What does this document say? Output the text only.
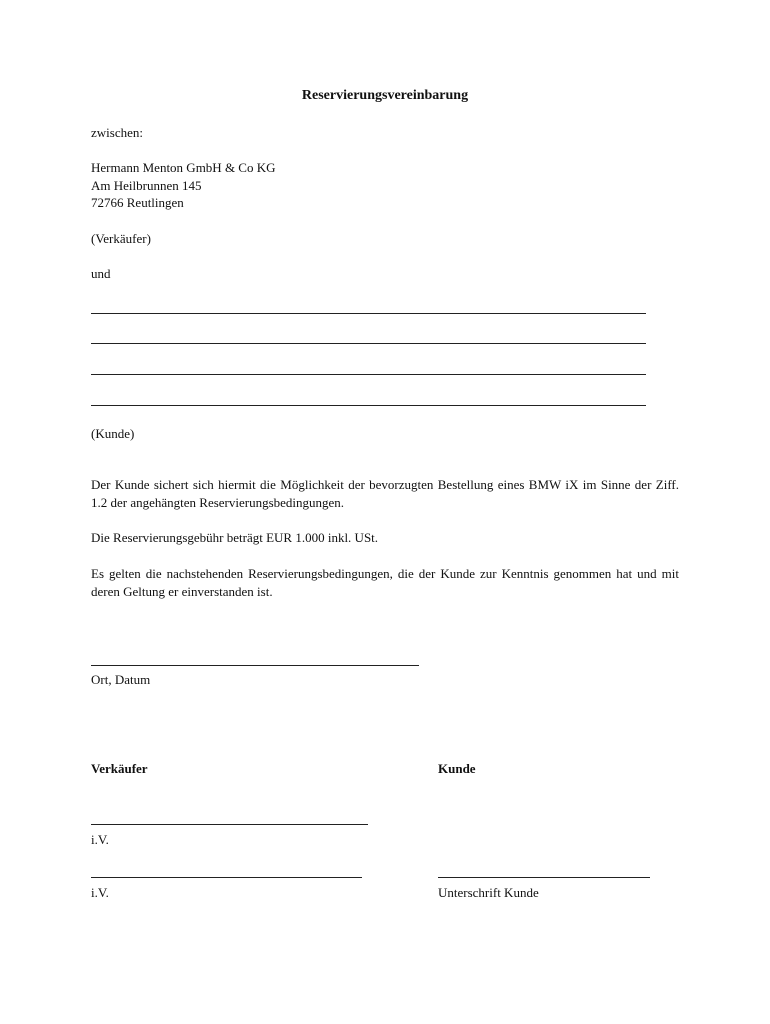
Reservierungsvereinbarung
zwischen:
Hermann Menton GmbH & Co KG
Am Heilbrunnen 145
72766 Reutlingen
(Verkäufer)
und
(Kunde)
Der Kunde sichert sich hiermit die Möglichkeit der bevorzugten Bestellung eines BMW iX im Sinne der Ziff. 1.2 der angehängten Reservierungsbedingungen.
Die Reservierungsgebühr beträgt EUR 1.000 inkl. USt.
Es gelten die nachstehenden Reservierungsbedingungen, die der Kunde zur Kenntnis genommen hat und mit deren Geltung er einverstanden ist.
Ort, Datum
Verkäufer	Kunde
i.V.
i.V.	Unterschrift Kunde
